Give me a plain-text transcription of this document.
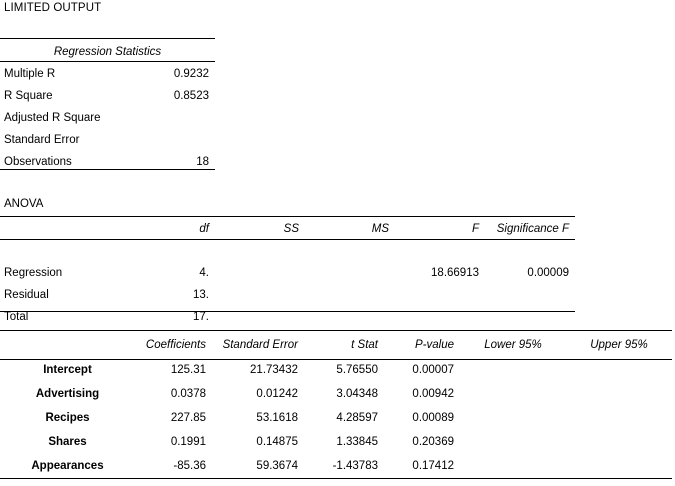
LIMITED OUTPUT
Regression Statistics	
Multiple R	0.9232
R Square	0.8523
Adjusted R Square	
Standard Error	
Observations	18
ANOVA
	df	SS	MS	F	Significance F

Regression	4.			18.66913	0.00009
Residual	13.				
Total	17.				
	Coefficients	Standard Error	t Stat	P-value	Lower 95%	Upper 95%
Intercept	125.31	21.73432	5.76550	0.00007		
Advertising	0.0378	0.01242	3.04348	0.00942		
Recipes	227.85	53.1618	4.28597	0.00089		
Shares	0.1991	0.14875	1.33845	0.20369		
Appearances	-85.36	59.3674	-1.43783	0.17412		
